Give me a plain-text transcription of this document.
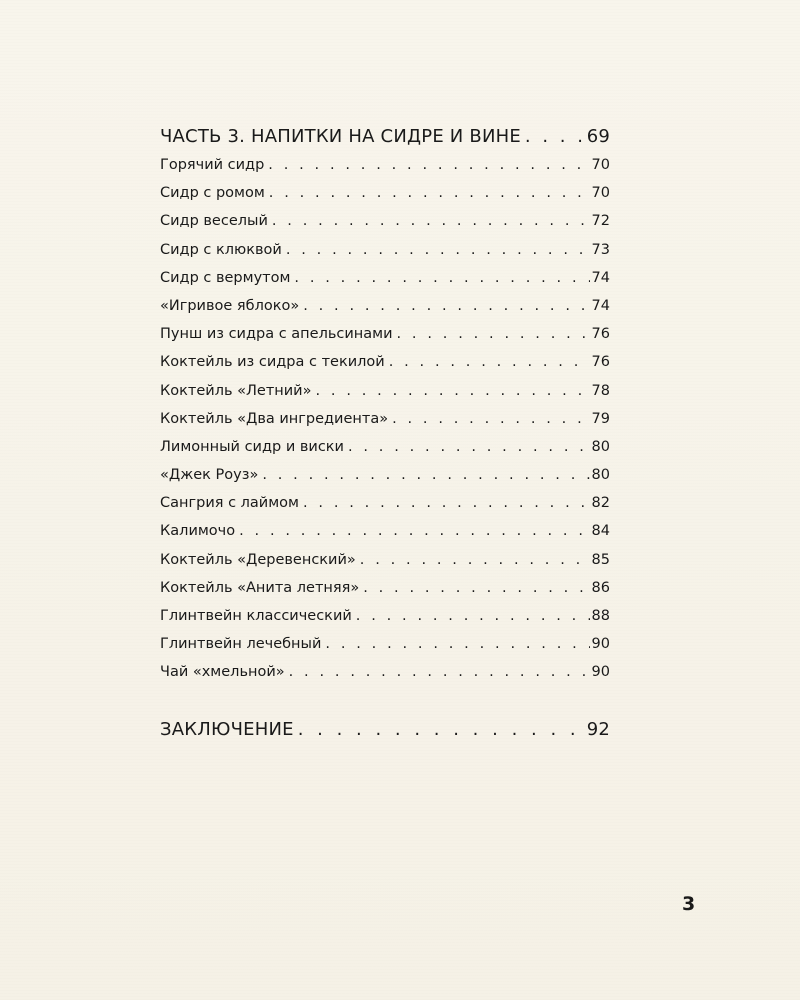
ЧАСТЬ 3. НАПИТКИ НА СИДРЕ И ВИНЕ . . .	69
Горячий сидр . . .	70
Сидр с ромом . . .	70
Сидр веселый . . .	72
Сидр с клюквой . . .	73
Сидр с вермутом . . .	74
«Игривое яблоко» . . .	74
Пунш из сидра с апельсинами . . .	76
Коктейль из сидра с текилой . . .	76
Коктейль «Летний» . . .	78
Коктейль «Два ингредиента» . . .	79
Лимонный сидр и виски . . .	80
«Джек Роуз» . . .	80
Сангрия с лаймом . . .	82
Калимочо . . .	84
Коктейль «Деревенский» . . .	85
Коктейль «Анита летняя» . . .	86
Глинтвейн классический . . .	88
Глинтвейн лечебный . . .	90
Чай «хмельной» . . .	90
ЗАКЛЮЧЕНИЕ . . .	92
3
